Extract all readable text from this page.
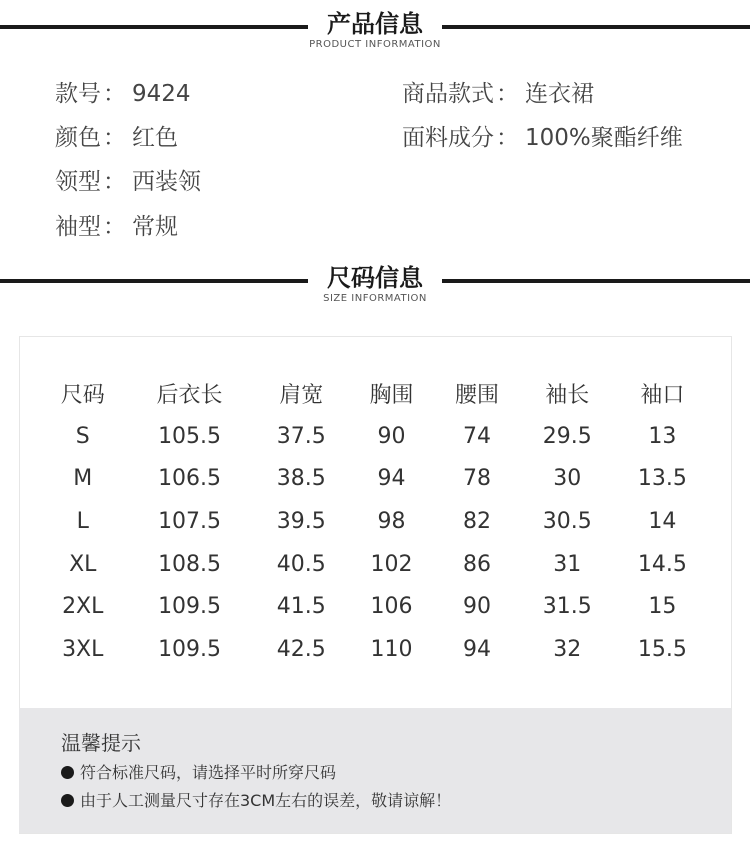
产品信息
PRODUCT INFORMATION
款号： 9424	商品款式： 连衣裙
颜色： 红色	面料成分： 100%聚酯纤维
领型： 西装领
袖型： 常规
尺码信息
SIZE INFORMATION
尺码	后衣长	肩宽	胸围	腰围	袖长	袖口
S	105.5	37.5	90	74	29.5	13
M	106.5	38.5	94	78	30	13.5
L	107.5	39.5	98	82	30.5	14
XL	108.5	40.5	102	86	31	14.5
2XL	109.5	41.5	106	90	31.5	15
3XL	109.5	42.5	110	94	32	15.5
温馨提示
符合标准尺码，请选择平时所穿尺码
由于人工测量尺寸存在3CM左右的误差，敬请谅解！
